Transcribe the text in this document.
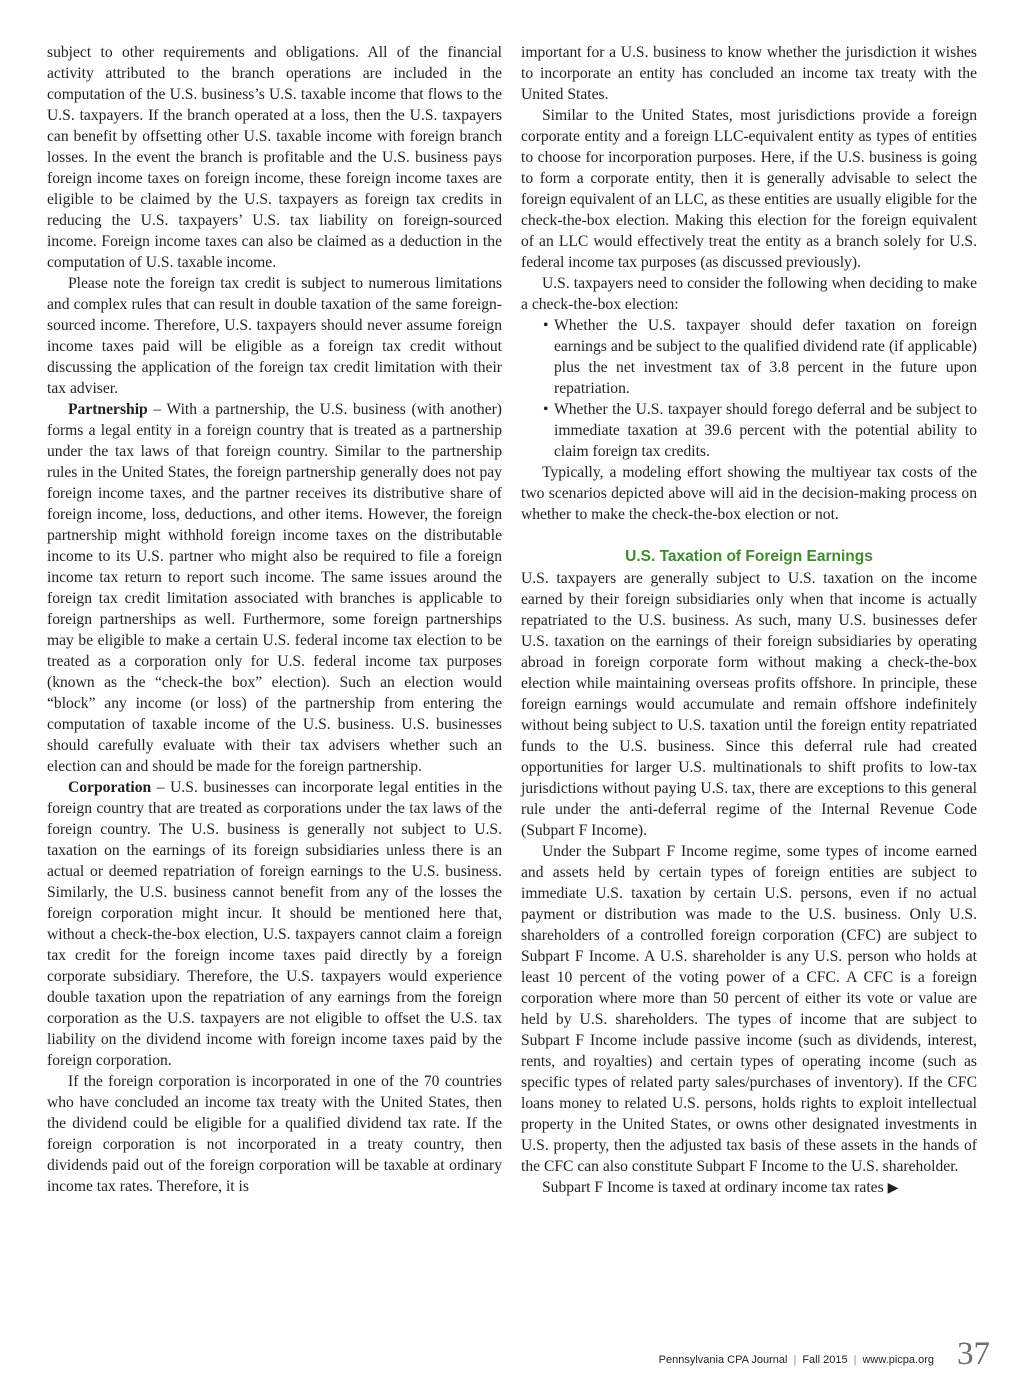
subject to other requirements and obligations. All of the financial activity attributed to the branch operations are included in the computation of the U.S. business’s U.S. taxable income that flows to the U.S. taxpayers. If the branch operated at a loss, then the U.S. taxpayers can benefit by offsetting other U.S. taxable income with foreign branch losses. In the event the branch is profitable and the U.S. business pays foreign income taxes on foreign income, these foreign income taxes are eligible to be claimed by the U.S. taxpayers as foreign tax credits in reducing the U.S. taxpayers’ U.S. tax liability on foreign-sourced income. Foreign income taxes can also be claimed as a deduction in the computation of U.S. taxable income.

Please note the foreign tax credit is subject to numerous limitations and complex rules that can result in double taxation of the same foreign-sourced income. Therefore, U.S. taxpayers should never assume foreign income taxes paid will be eligible as a foreign tax credit without discussing the application of the foreign tax credit limitation with their tax adviser.

Partnership – With a partnership, the U.S. business (with another) forms a legal entity in a foreign country that is treated as a partnership under the tax laws of that foreign country. Similar to the partnership rules in the United States, the foreign partnership generally does not pay foreign income taxes, and the partner receives its distributive share of foreign income, loss, deductions, and other items. However, the foreign partnership might withhold foreign income taxes on the distributable income to its U.S. partner who might also be required to file a foreign income tax return to report such income. The same issues around the foreign tax credit limitation associated with branches is applicable to foreign partnerships as well. Furthermore, some foreign partnerships may be eligible to make a certain U.S. federal income tax election to be treated as a corporation only for U.S. federal income tax purposes (known as the “check-the box” election). Such an election would “block” any income (or loss) of the partnership from entering the computation of taxable income of the U.S. business. U.S. businesses should carefully evaluate with their tax advisers whether such an election can and should be made for the foreign partnership.

Corporation – U.S. businesses can incorporate legal entities in the foreign country that are treated as corporations under the tax laws of the foreign country. The U.S. business is generally not subject to U.S. taxation on the earnings of its foreign subsidiaries unless there is an actual or deemed repatriation of foreign earnings to the U.S. business. Similarly, the U.S. business cannot benefit from any of the losses the foreign corporation might incur. It should be mentioned here that, without a check-the-box election, U.S. taxpayers cannot claim a foreign tax credit for the foreign income taxes paid directly by a foreign corporate subsidiary. Therefore, the U.S. taxpayers would experience double taxation upon the repatriation of any earnings from the foreign corporation as the U.S. taxpayers are not eligible to offset the U.S. tax liability on the dividend income with foreign income taxes paid by the foreign corporation.

If the foreign corporation is incorporated in one of the 70 countries who have concluded an income tax treaty with the United States, then the dividend could be eligible for a qualified dividend tax rate. If the foreign corporation is not incorporated in a treaty country, then dividends paid out of the foreign corporation will be taxable at ordinary income tax rates. Therefore, it is

important for a U.S. business to know whether the jurisdiction it wishes to incorporate an entity has concluded an income tax treaty with the United States.

Similar to the United States, most jurisdictions provide a foreign corporate entity and a foreign LLC-equivalent entity as types of entities to choose for incorporation purposes. Here, if the U.S. business is going to form a corporate entity, then it is generally advisable to select the foreign equivalent of an LLC, as these entities are usually eligible for the check-the-box election. Making this election for the foreign equivalent of an LLC would effectively treat the entity as a branch solely for U.S. federal income tax purposes (as discussed previously).

U.S. taxpayers need to consider the following when deciding to make a check-the-box election:

• Whether the U.S. taxpayer should defer taxation on foreign earnings and be subject to the qualified dividend rate (if applicable) plus the net investment tax of 3.8 percent in the future upon repatriation.
• Whether the U.S. taxpayer should forego deferral and be subject to immediate taxation at 39.6 percent with the potential ability to claim foreign tax credits.

Typically, a modeling effort showing the multiyear tax costs of the two scenarios depicted above will aid in the decision-making process on whether to make the check-the-box election or not.

U.S. Taxation of Foreign Earnings

U.S. taxpayers are generally subject to U.S. taxation on the income earned by their foreign subsidiaries only when that income is actually repatriated to the U.S. business. As such, many U.S. businesses defer U.S. taxation on the earnings of their foreign subsidiaries by operating abroad in foreign corporate form without making a check-the-box election while maintaining overseas profits offshore. In principle, these foreign earnings would accumulate and remain offshore indefinitely without being subject to U.S. taxation until the foreign entity repatriated funds to the U.S. business. Since this deferral rule had created opportunities for larger U.S. multinationals to shift profits to low-tax jurisdictions without paying U.S. tax, there are exceptions to this general rule under the anti-deferral regime of the Internal Revenue Code (Subpart F Income).

Under the Subpart F Income regime, some types of income earned and assets held by certain types of foreign entities are subject to immediate U.S. taxation by certain U.S. persons, even if no actual payment or distribution was made to the U.S. business. Only U.S. shareholders of a controlled foreign corporation (CFC) are subject to Subpart F Income. A U.S. shareholder is any U.S. person who holds at least 10 percent of the voting power of a CFC. A CFC is a foreign corporation where more than 50 percent of either its vote or value are held by U.S. shareholders. The types of income that are subject to Subpart F Income include passive income (such as dividends, interest, rents, and royalties) and certain types of operating income (such as specific types of related party sales/purchases of inventory). If the CFC loans money to related U.S. persons, holds rights to exploit intellectual property in the United States, or owns other designated investments in U.S. property, then the adjusted tax basis of these assets in the hands of the CFC can also constitute Subpart F Income to the U.S. shareholder.

Subpart F Income is taxed at ordinary income tax rates ▶

Pennsylvania CPA Journal | Fall 2015 | www.picpa.org 37
